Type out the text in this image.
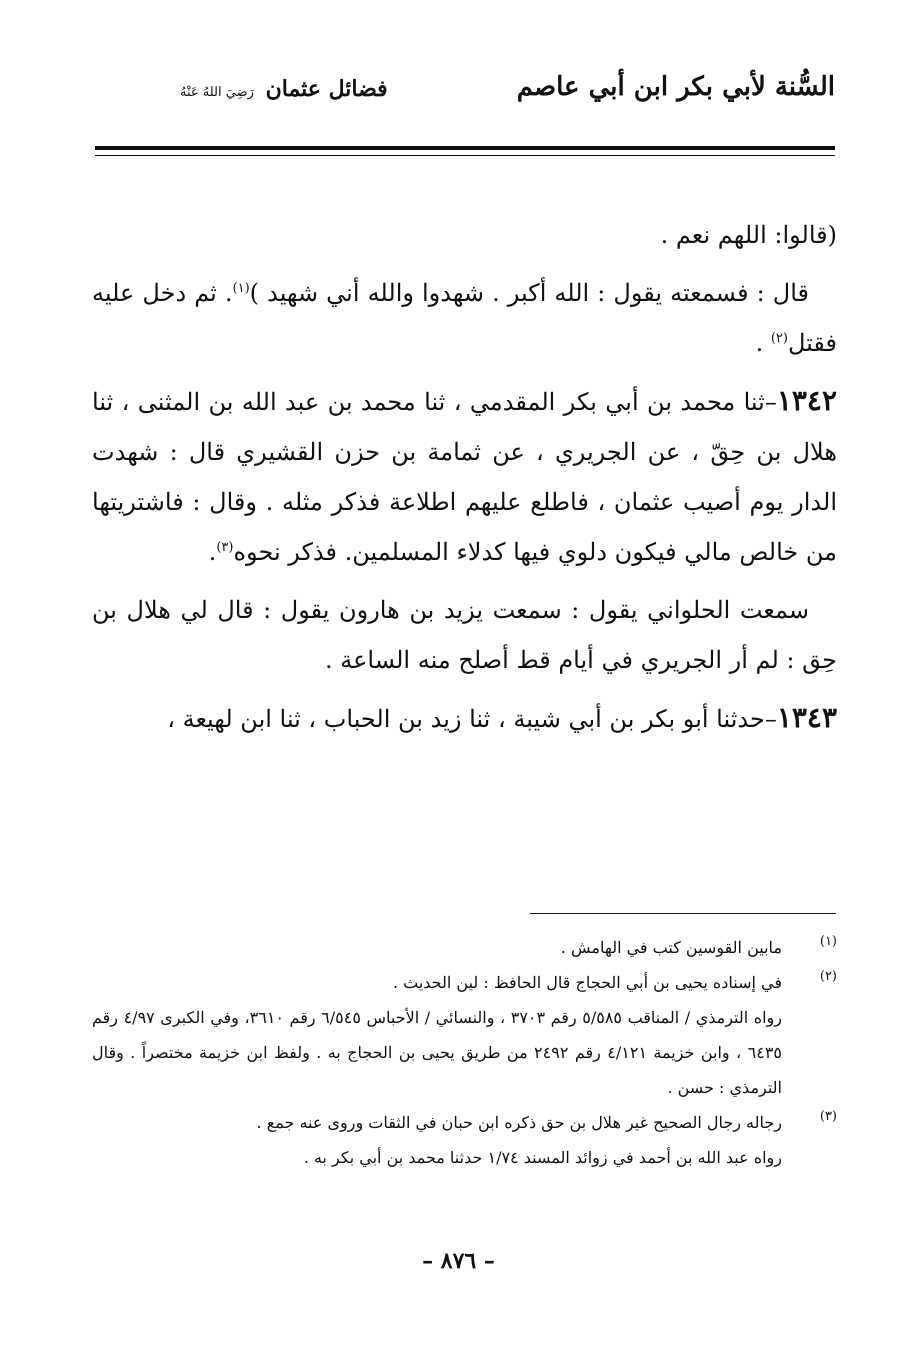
السُّنة لأبي بكر ابن أبي عاصم
فضائل عثمان رَضِيَ اللهُ عَنْهُ

(قالوا: اللهم نعم .

قال : فسمعته يقول : الله أكبر . شهدوا والله أني شهيد )$^{(١)}$. ثم دخل عليه فقتل$^{(٢)}$ .

١٣٤٢–ثنا محمد بن أبي بكر المقدمي ، ثنا محمد بن عبد الله بن المثنى ، ثنا هلال بن حِقّ ، عن الجريري ، عن ثمامة بن حزن القشيري قال : شهدت الدار يوم أصيب عثمان ، فاطلع عليهم اطلاعة فذكر مثله . وقال : فاشتريتها من خالص مالي فيكون دلوي فيها كدلاء المسلمين. فذكر نحوه$^{(٣)}$.

سمعت الحلواني يقول : سمعت يزيد بن هارون يقول : قال لي هلال بن حِق : لم أر الجريري في أيام قط أصلح منه الساعة .

١٣٤٣–حدثنا أبو بكر بن أبي شيبة ، ثنا زيد بن الحباب ، ثنا ابن لهيعة ،

(١)
مابين القوسين كتب في الهامش .
(٢)
في إسناده يحيى بن أبي الحجاج قال الحافظ : لين الحديث .
رواه الترمذي / المناقب ٥/٥٨٥ رقم ٣٧٠٣ ، والنسائي / الأحباس ٦/٥٤٥ رقم ٣٦١٠، وفي الكبرى ٤/٩٧ رقم ٦٤٣٥ ، وابن خزيمة ٤/١٢١ رقم ٢٤٩٢ من طريق يحيى بن الحجاج به . ولفظ ابن خزيمة مختصراً . وقال الترمذي : حسن .
(٣)
رجاله رجال الصحيح غير هلال بن حق ذكره ابن حبان في الثقات وروى عنه جمع .
رواه عبد الله بن أحمد في زوائد المسند ١/٧٤ حدثنا محمد بن أبي بكر به .
– ٨٧٦ –
